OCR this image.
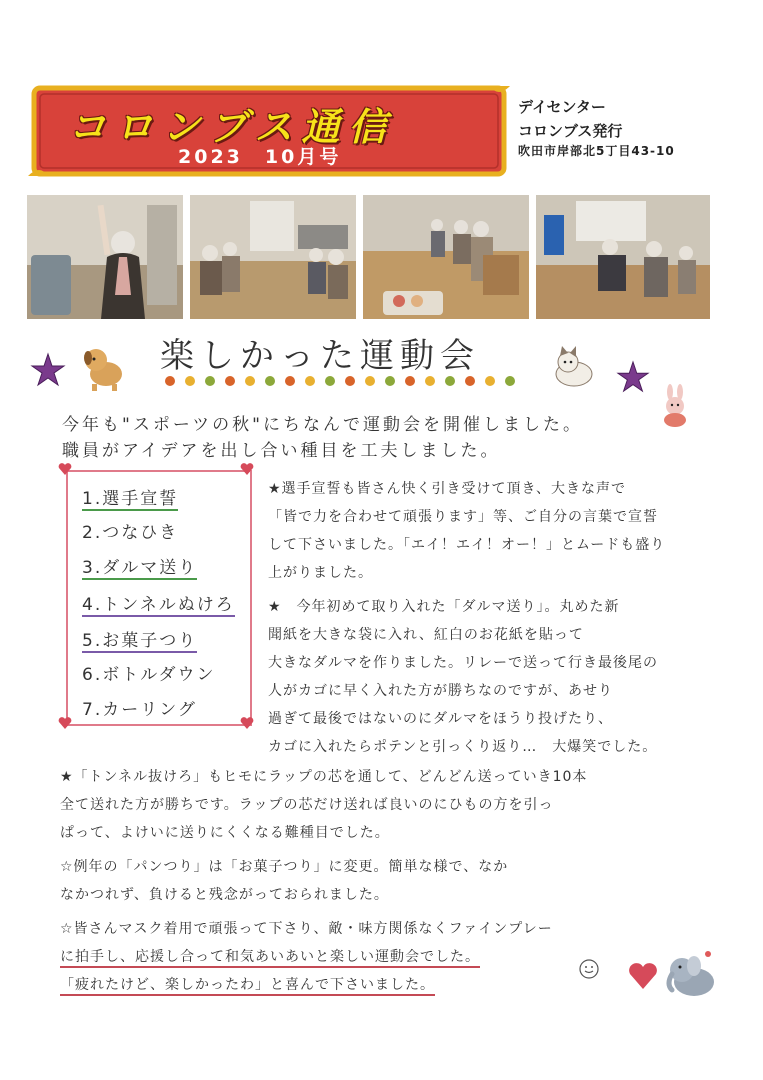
コロンブス通信
2023　10月号
デイセンター
コロンブス発行
吹田市岸部北5丁目43-10
楽しかった運動会
今年も"スポーツの秋"にちなんで運動会を開催しました。
職員がアイデアを出し合い種目を工夫しました。
1.選手宣誓
2.つなひき
3.ダルマ送り
4.トンネルぬけろ
5.お菓子つり
6.ボトルダウン
7.カーリング
★選手宣誓も皆さん快く引き受けて頂き、大きな声で
「皆で力を合わせて頑張ります」等、ご自分の言葉で宣誓
して下さいました。「エイ！エイ！オー！」とムードも盛り
上がりました。
★　今年初めて取り入れた「ダルマ送り」。丸めた新
聞紙を大きな袋に入れ、紅白のお花紙を貼って
大きなダルマを作りました。リレーで送って行き最後尾の
人がカゴに早く入れた方が勝ちなのですが、あせり
過ぎて最後ではないのにダルマをほうり投げたり、
カゴに入れたらポテンと引っくり返り…　大爆笑でした。
★「トンネル抜けろ」もヒモにラップの芯を通して、どんどん送っていき10本
全て送れた方が勝ちです。ラップの芯だけ送れば良いのにひもの方を引っ
ぱって、よけいに送りにくくなる難種目でした。
☆例年の「パンつり」は「お菓子つり」に変更。簡単な様で、なか
なかつれず、負けると残念がっておられました。
☆皆さんマスク着用で頑張って下さり、敵・味方関係なくファインプレー
に拍手し、応援し合って和気あいあいと楽しい運動会でした。
「疲れたけど、楽しかったわ」と喜んで下さいました。
